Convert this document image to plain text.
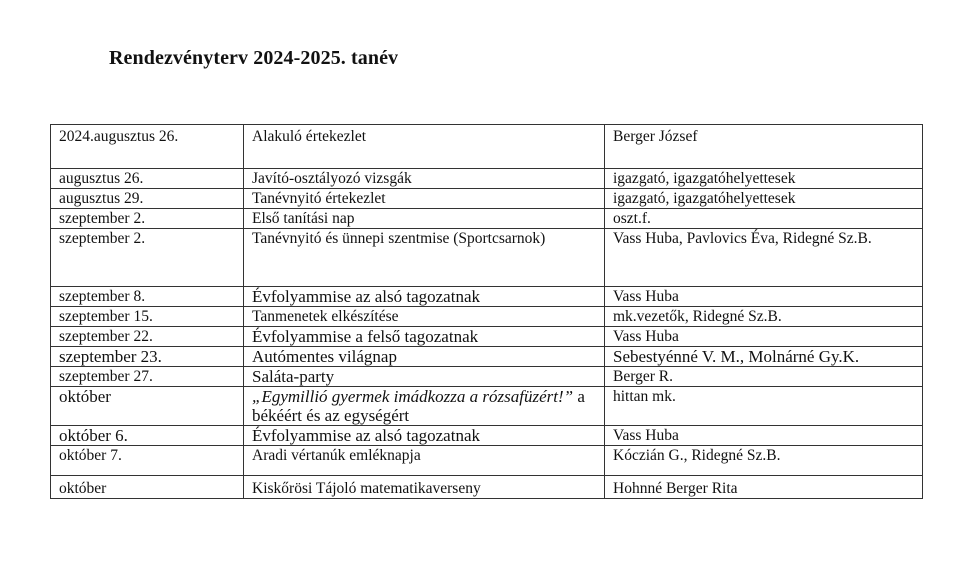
Rendezvényterv 2024-2025. tanév
2024.augusztus 26.	Alakuló értekezlet	Berger József
augusztus 26.	Javító-osztályozó vizsgák	igazgató, igazgatóhelyettesek
augusztus 29.	Tanévnyitó értekezlet	igazgató, igazgatóhelyettesek
szeptember 2.	Első tanítási nap	oszt.f.
szeptember 2.	Tanévnyitó és ünnepi szentmise (Sportcsarnok)	Vass Huba, Pavlovics Éva, Ridegné Sz.B.
szeptember 8.	Évfolyammise az alsó tagozatnak	Vass Huba
szeptember 15.	Tanmenetek elkészítése	mk.vezetők, Ridegné Sz.B.
szeptember 22.	Évfolyammise a felső tagozatnak	Vass Huba
szeptember 23.	Autómentes világnap	Sebestyénné V. M., Molnárné Gy.K.
szeptember 27.	Saláta-party	Berger R.
október	„Egymillió gyermek imádkozza a rózsafüzért!” a békéért és az egységért	hittan mk.
október 6.	Évfolyammise az alsó tagozatnak	Vass Huba
október 7.	Aradi vértanúk emléknapja	Kóczián G., Ridegné Sz.B.
október	Kiskőrösi Tájoló matematikaverseny	Hohnné Berger Rita
